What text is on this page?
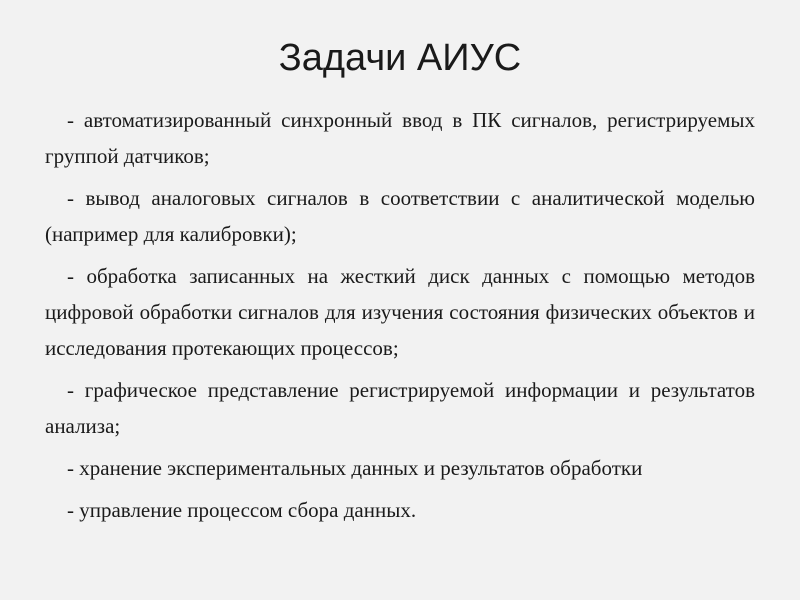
Задачи АИУС
- автоматизированный синхронный ввод в ПК сигналов, регистрируемых группой датчиков;
- вывод аналоговых сигналов в соответствии с аналитической моделью (например для калибровки);
- обработка записанных на жесткий диск данных с помощью методов цифровой обработки сигналов для изучения состояния физических объектов и исследования протекающих процессов;
- графическое представление регистрируемой информации и результатов анализа;
- хранение экспериментальных данных и результатов обработки
- управление процессом сбора данных.
